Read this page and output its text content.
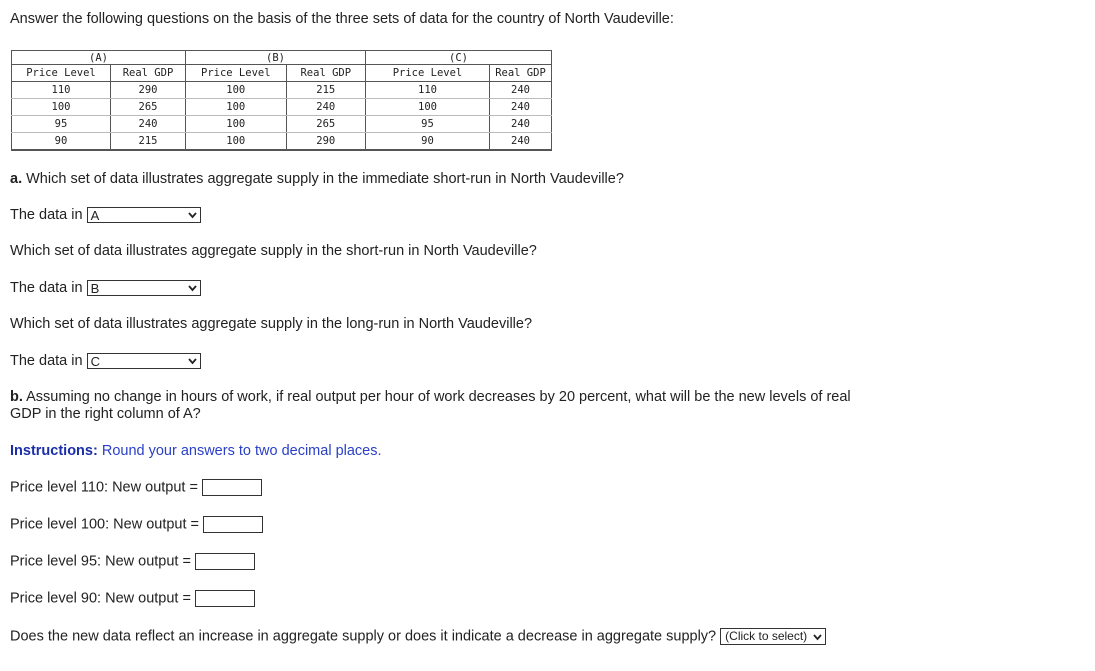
Answer the following questions on the basis of the three sets of data for the country of North Vaudeville:
(A)		(B)		(C)	
Price Level	Real GDP	Price Level	Real GDP	Price Level	Real GDP
110	290	100	215	110	240
100	265	100	240	100	240
95	240	100	265	95	240
90	215	100	290	90	240
a. Which set of data illustrates aggregate supply in the immediate short-run in North Vaudeville?
The data in A
Which set of data illustrates aggregate supply in the short-run in North Vaudeville?
The data in B
Which set of data illustrates aggregate supply in the long-run in North Vaudeville?
The data in C
b. Assuming no change in hours of work, if real output per hour of work decreases by 20 percent, what will be the new levels of real
GDP in the right column of A?
Instructions: Round your answers to two decimal places.
Price level 110: New output =
Price level 100: New output =
Price level 95: New output =
Price level 90: New output =
Does the new data reflect an increase in aggregate supply or does it indicate a decrease in aggregate supply? (Click to select)
